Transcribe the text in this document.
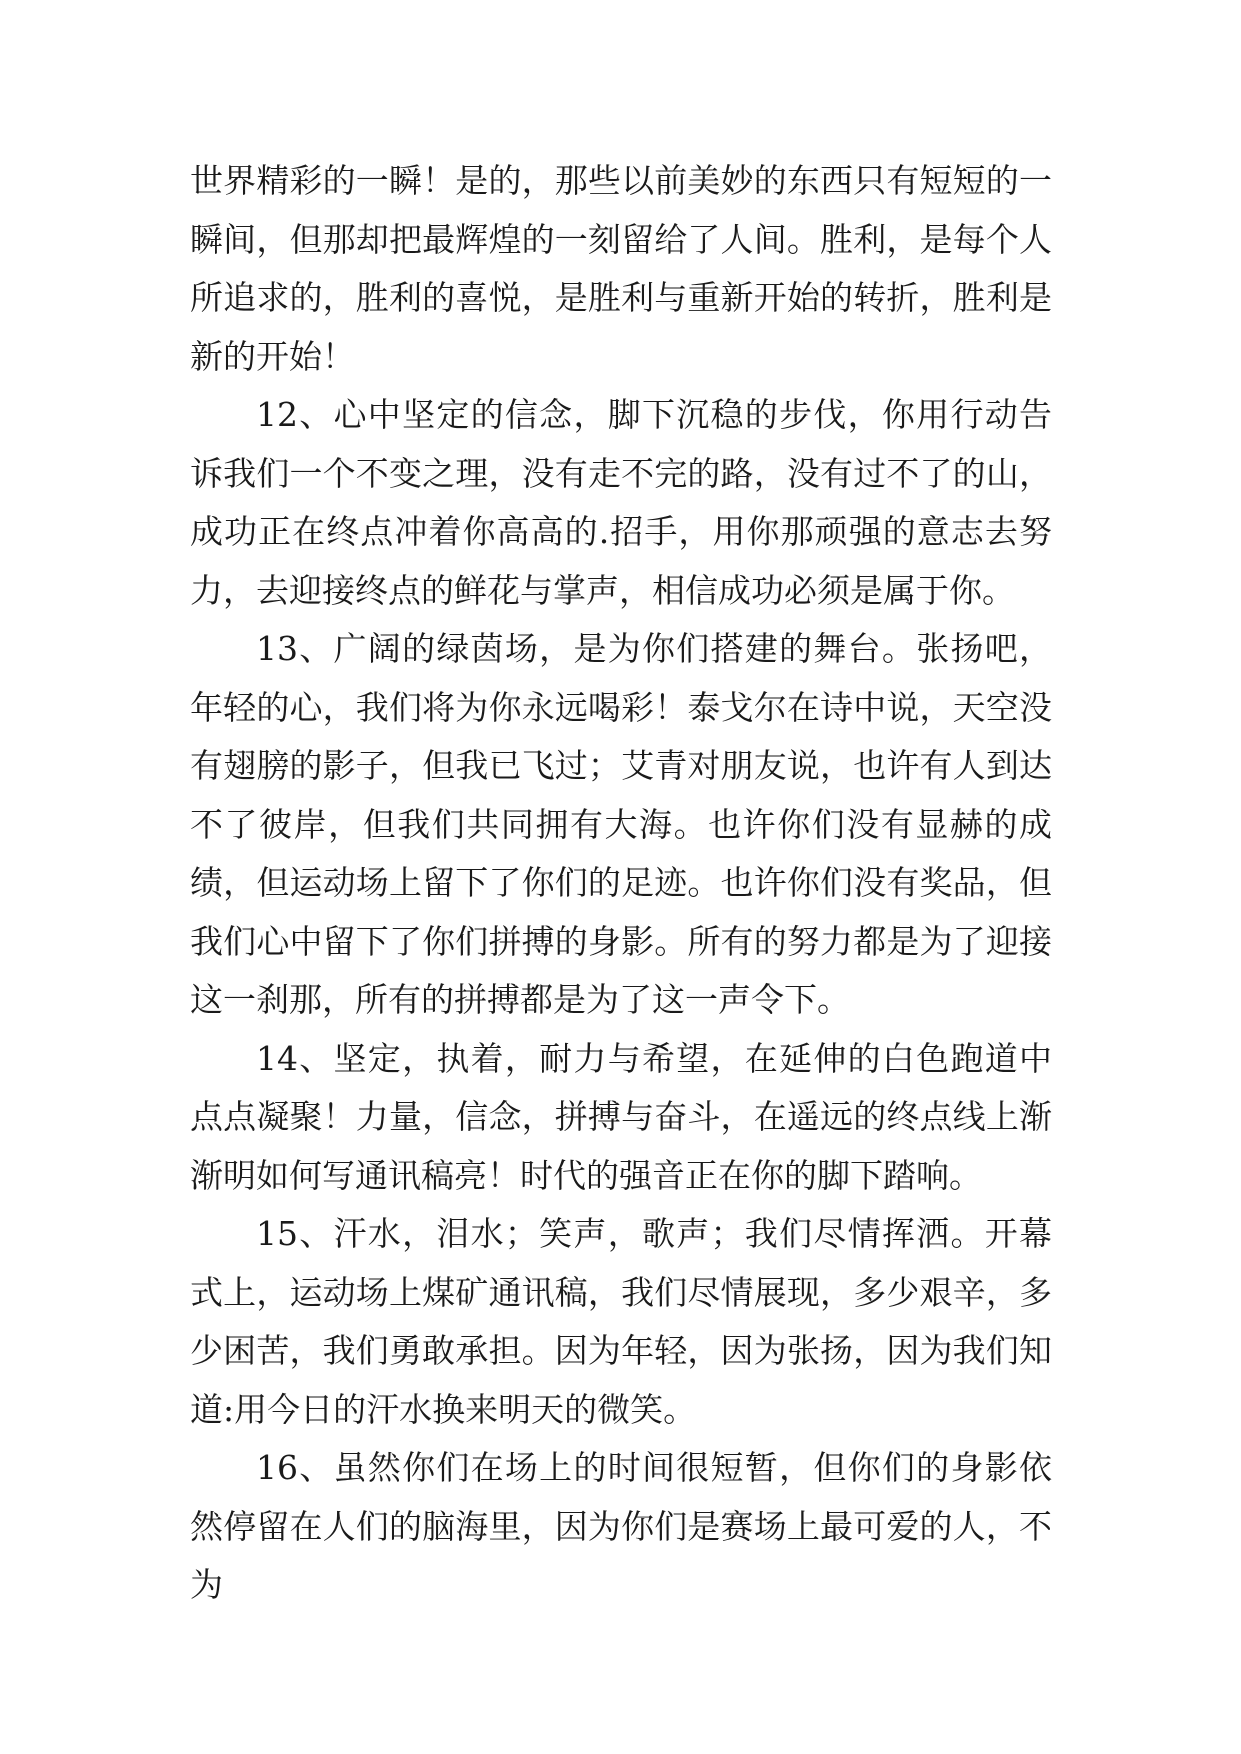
世界精彩的一瞬！是的，那些以前美妙的东西只有短短的一瞬间，但那却把最辉煌的一刻留给了人间。胜利，是每个人所追求的，胜利的喜悦，是胜利与重新开始的转折，胜利是新的开始！

12、心中坚定的信念，脚下沉稳的步伐，你用行动告诉我们一个不变之理，没有走不完的路，没有过不了的山，成功正在终点冲着你高高的.招手，用你那顽强的意志去努力，去迎接终点的鲜花与掌声，相信成功必须是属于你。

13、广阔的绿茵场，是为你们搭建的舞台。张扬吧，年轻的心，我们将为你永远喝彩！泰戈尔在诗中说，天空没有翅膀的影子，但我已飞过；艾青对朋友说，也许有人到达不了彼岸，但我们共同拥有大海。也许你们没有显赫的成绩，但运动场上留下了你们的足迹。也许你们没有奖品，但我们心中留下了你们拼搏的身影。所有的努力都是为了迎接这一刹那，所有的拼搏都是为了这一声令下。

14、坚定，执着，耐力与希望，在延伸的白色跑道中点点凝聚！力量，信念，拼搏与奋斗，在遥远的终点线上渐渐明如何写通讯稿亮！时代的强音正在你的脚下踏响。

15、汗水，泪水；笑声，歌声；我们尽情挥洒。开幕式上，运动场上煤矿通讯稿，我们尽情展现，多少艰辛，多少困苦，我们勇敢承担。因为年轻，因为张扬，因为我们知道:用今日的汗水换来明天的微笑。

16、虽然你们在场上的时间很短暂，但你们的身影依然停留在人们的脑海里，因为你们是赛场上最可爱的人，不为
